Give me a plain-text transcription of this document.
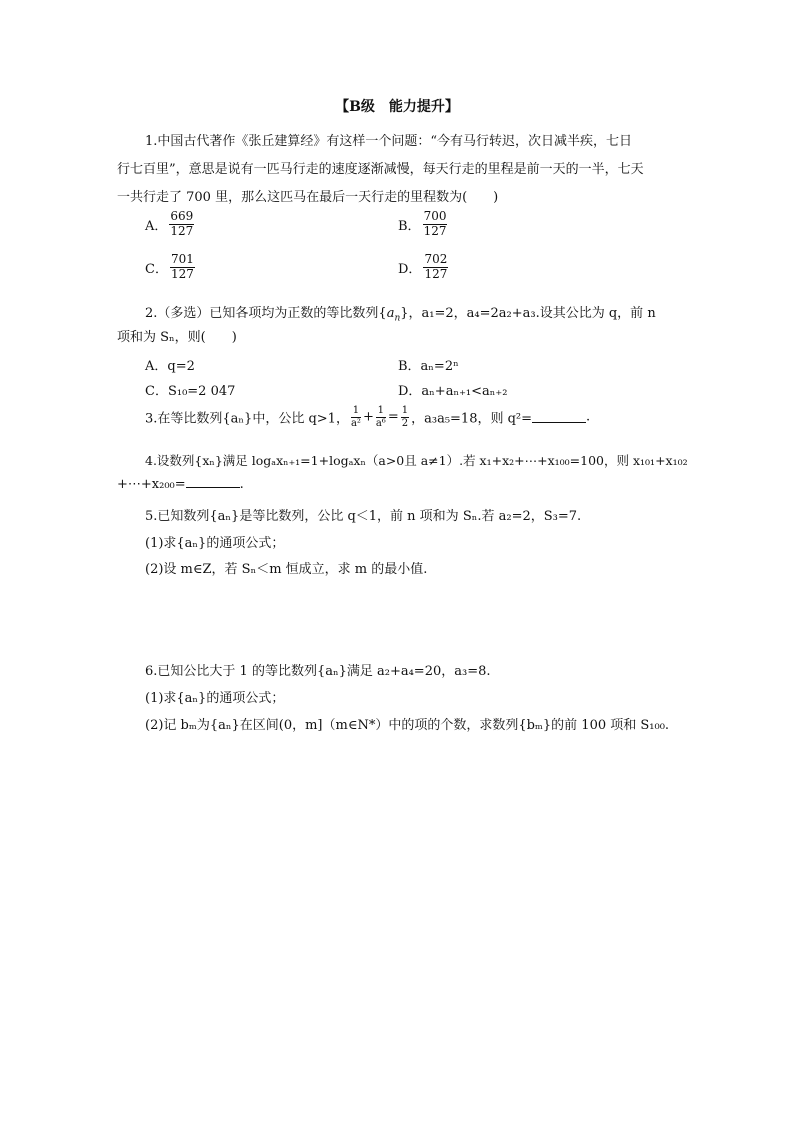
【B级　能力提升】
1.中国古代著作《张丘建算经》有这样一个问题：“今有马行转迟，次日减半疾，七日
行七百里”，意思是说有一匹马行走的速度逐渐减慢，每天行走的里程是前一天的一半，七天
一共行走了 700 里，那么这匹马在最后一天行走的里程数为(　　)
A． $\frac{669}{127}$	B． $\frac{700}{127}$
C． $\frac{701}{127}$	D． $\frac{702}{127}$
2.（多选）已知各项均为正数的等比数列$\{a_n\}$，a₁=2，a₄=2a₂+a₃.设其公比为 q，前 n
项和为 Sₙ，则(　　)
A．q=2	B．aₙ=2ⁿ
C．S₁₀=2 047	D．aₙ+aₙ₊₁<aₙ₊₂
3.在等比数列{aₙ}中，公比 q>1， $\frac{1}{\text{a²}} + \frac{1}{\text{a⁶}} = \frac{1}{2}$ ，a₃a₅=18，则 q²=	.
4.设数列{xₙ}满足 logₐxₙ₊₁=1+logₐxₙ（a>0且 a≠1）.若 x₁+x₂+⋯+x₁₀₀=100，则 x₁₀₁+x₁₀₂
+⋯+x₂₀₀=	.
5.已知数列{aₙ}是等比数列，公比 q＜1，前 n 项和为 Sₙ.若 a₂=2，S₃=7.
(1)求{aₙ}的通项公式；
(2)设 m∈Z，若 Sₙ＜m 恒成立，求 m 的最小值.
6.已知公比大于 1 的等比数列{aₙ}满足 a₂+a₄=20，a₃=8.
(1)求{aₙ}的通项公式；
(2)记 bₘ为{aₙ}在区间(0，m]（m∈N*）中的项的个数，求数列{bₘ}的前 100 项和 S₁₀₀.
